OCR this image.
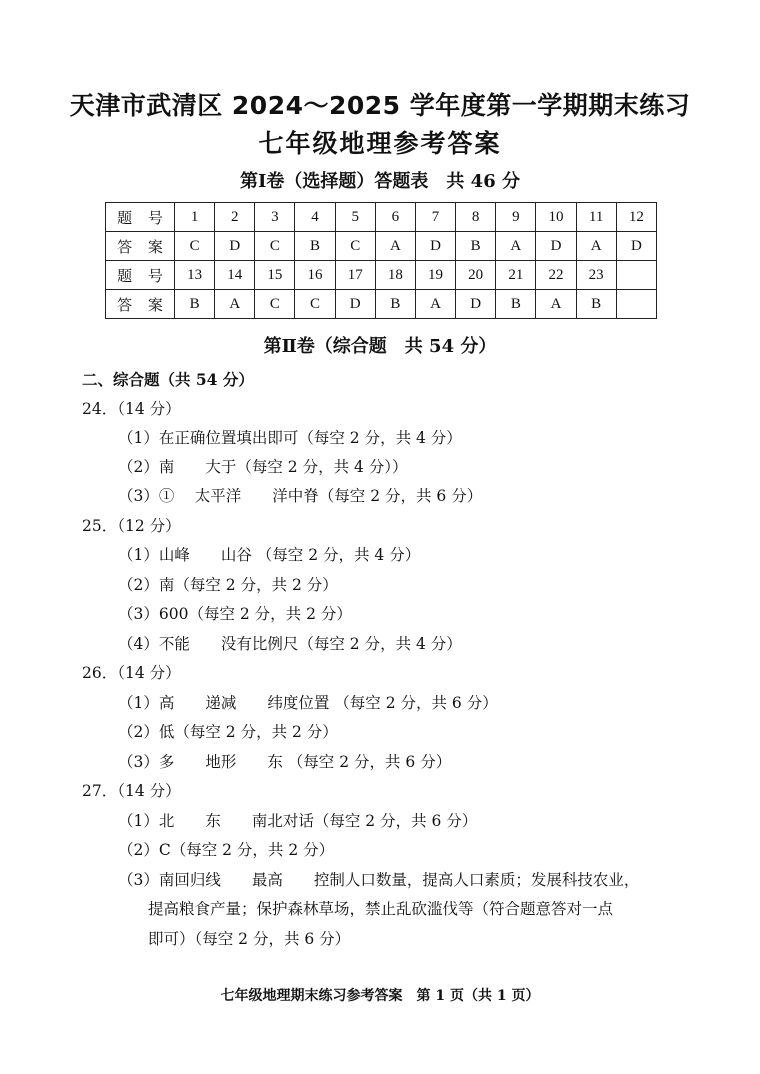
天津市武清区 2024～2025 学年度第一学期期末练习
七年级地理参考答案
第Ⅰ卷（选择题）答题表　共 46 分
题 号	1	2	3	4	5	6	7	8	9	10	11	12
答 案	C	D	C	B	C	A	D	B	A	D	A	D
题 号	13	14	15	16	17	18	19	20	21	22	23	
答 案	B	A	C	C	D	B	A	D	B	A	B	
第Ⅱ卷（综合题　共 54 分）
二、综合题（共 54 分）
24．（14 分）
（1）在正确位置填出即可（每空 2 分，共 4 分）
（2）南　　大于（每空 2 分，共 4 分））
（3）①　 太平洋　　洋中脊（每空 2 分，共 6 分）
25．（12 分）
（1）山峰　　山谷 （每空 2 分，共 4 分）
（2）南（每空 2 分，共 2 分）
（3）600（每空 2 分，共 2 分）
（4）不能　　没有比例尺（每空 2 分，共 4 分）
26．（14 分）
（1）高　　递减　　纬度位置 （每空 2 分，共 6 分）
（2）低（每空 2 分，共 2 分）
（3）多　　地形　　东 （每空 2 分，共 6 分）
27．（14 分）
（1）北　　东　　南北对话（每空 2 分，共 6 分）
（2）C（每空 2 分，共 2 分）
（3）南回归线　　最高　　控制人口数量，提高人口素质；发展科技农业，
提高粮食产量；保护森林草场，禁止乱砍滥伐等（符合题意答对一点
即可）（每空 2 分，共 6 分）
七年级地理期末练习参考答案　第 1 页（共 1 页）
